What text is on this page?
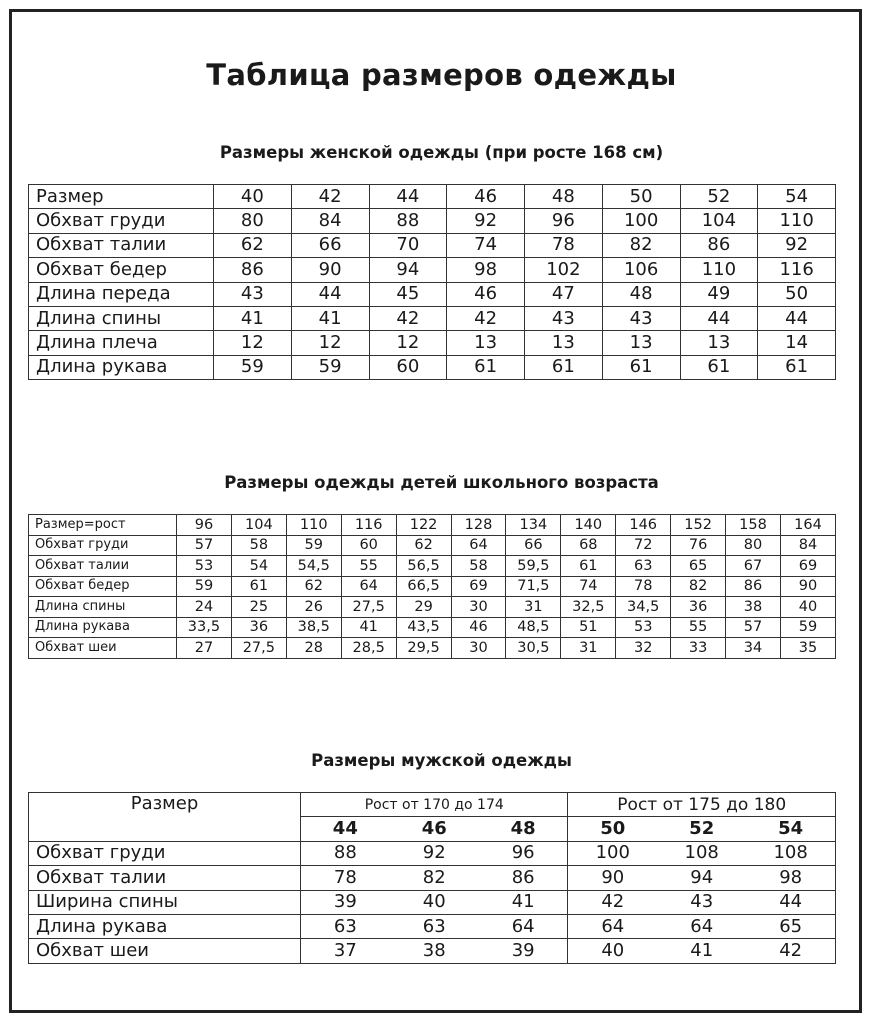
Таблица размеров одежды
Размеры женской одежды (при росте 168 см)
Размер	40	42	44	46	48	50	52	54
Обхват груди	80	84	88	92	96	100	104	110
Обхват талии	62	66	70	74	78	82	86	92
Обхват бедер	86	90	94	98	102	106	110	116
Длина переда	43	44	45	46	47	48	49	50
Длина спины	41	41	42	42	43	43	44	44
Длина плеча	12	12	12	13	13	13	13	14
Длина рукава	59	59	60	61	61	61	61	61
Размеры одежды детей школьного возраста
Размер=рост	96	104	110	116	122	128	134	140	146	152	158	164
Обхват груди	57	58	59	60	62	64	66	68	72	76	80	84
Обхват талии	53	54	54,5	55	56,5	58	59,5	61	63	65	67	69
Обхват бедер	59	61	62	64	66,5	69	71,5	74	78	82	86	90
Длина спины	24	25	26	27,5	29	30	31	32,5	34,5	36	38	40
Длина рукава	33,5	36	38,5	41	43,5	46	48,5	51	53	55	57	59
Обхват шеи	27	27,5	28	28,5	29,5	30	30,5	31	32	33	34	35
Размеры мужской одежды
Размер	Рост от 170 до 174			Рост от 175 до 180		
	44	46	48	50	52	54
Обхват груди	88	92	96	100	108	108
Обхват талии	78	82	86	90	94	98
Ширина спины	39	40	41	42	43	44
Длина рукава	63	63	64	64	64	65
Обхват шеи	37	38	39	40	41	42
